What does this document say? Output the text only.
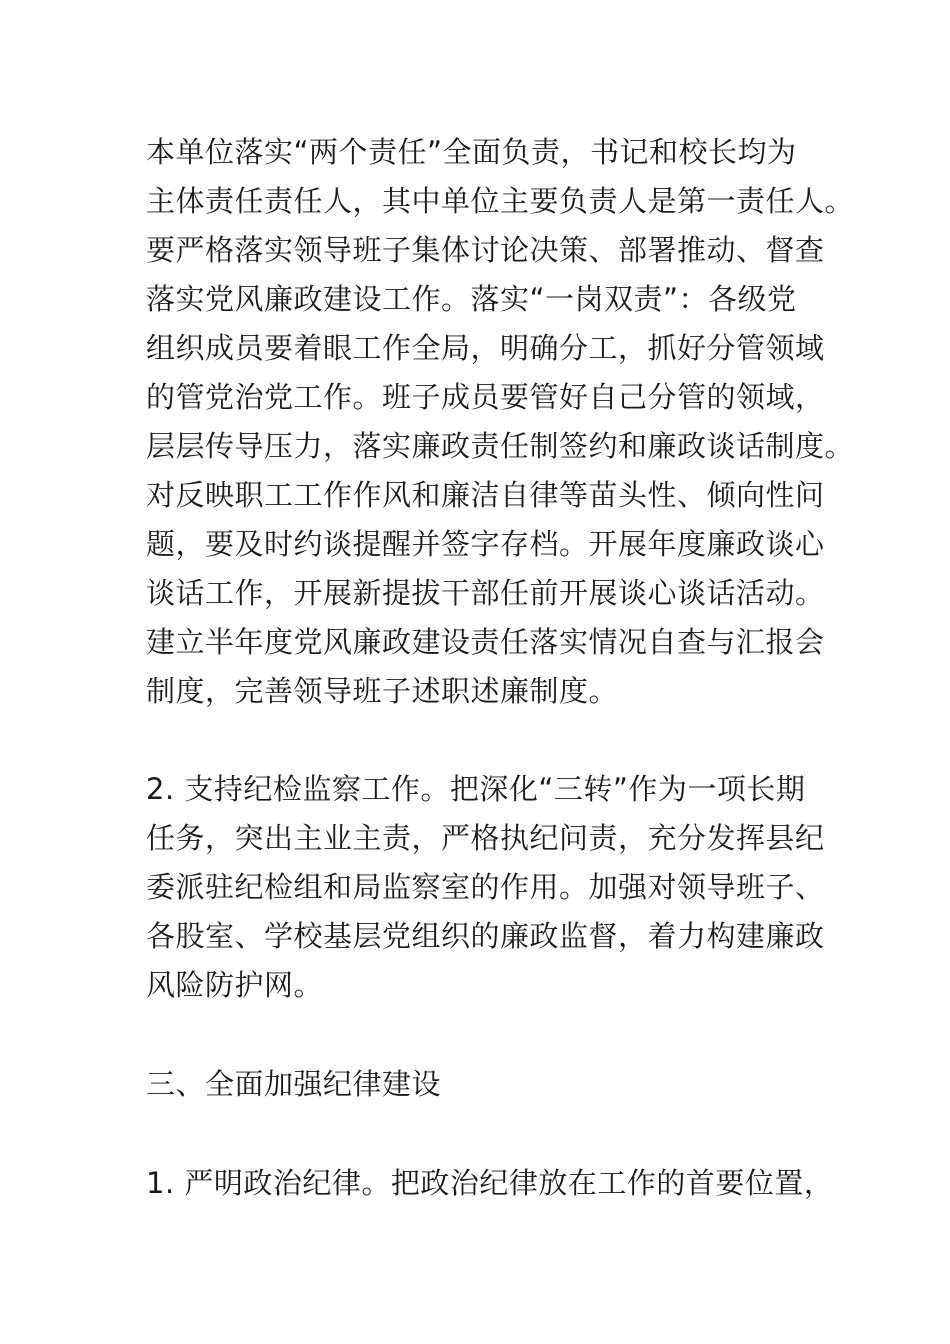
本单位落实“两个责任”全面负责，书记和校长均为
主体责任责任人，其中单位主要负责人是第一责任人。
要严格落实领导班子集体讨论决策、部署推动、督查
落实党风廉政建设工作。落实“一岗双责”：各级党
组织成员要着眼工作全局，明确分工，抓好分管领域
的管党治党工作。班子成员要管好自己分管的领域，
层层传导压力，落实廉政责任制签约和廉政谈话制度。
对反映职工工作作风和廉洁自律等苗头性、倾向性问
题，要及时约谈提醒并签字存档。开展年度廉政谈心
谈话工作，开展新提拔干部任前开展谈心谈话活动。
建立半年度党风廉政建设责任落实情况自查与汇报会
制度，完善领导班子述职述廉制度。
2. 支持纪检监察工作。把深化“三转”作为一项长期
任务，突出主业主责，严格执纪问责，充分发挥县纪
委派驻纪检组和局监察室的作用。加强对领导班子、
各股室、学校基层党组织的廉政监督，着力构建廉政
风险防护网。
三、全面加强纪律建设
1. 严明政治纪律。把政治纪律放在工作的首要位置，
